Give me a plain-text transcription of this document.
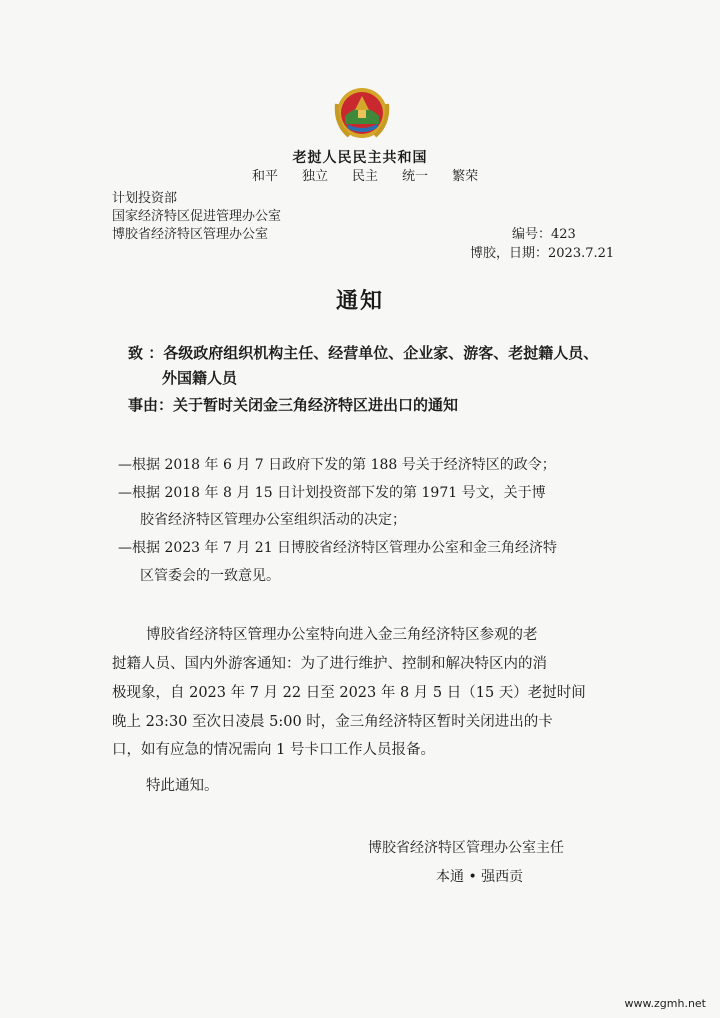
老挝人民民主共和国
和平 独立 民主 统一 繁荣
计划投资部
国家经济特区促进管理办公室
博胶省经济特区管理办公室	编号：423
博胶，日期：2023.7.21
通知
致 ：各级政府组织机构主任、经营单位、企业家、游客、老挝籍人员、
外国籍人员
事由：关于暂时关闭金三角经济特区进出口的通知
—根据 2018 年 6 月 7 日政府下发的第 188 号关于经济特区的政令；
—根据 2018 年 8 月 15 日计划投资部下发的第 1971 号文，关于博
胶省经济特区管理办公室组织活动的决定；
—根据 2023 年 7 月 21 日博胶省经济特区管理办公室和金三角经济特
区管委会的一致意见。
博胶省经济特区管理办公室特向进入金三角经济特区参观的老
挝籍人员、国内外游客通知：为了进行维护、控制和解决特区内的消
极现象，自 2023 年 7 月 22 日至 2023 年 8 月 5 日（15 天）老挝时间
晚上 23:30 至次日凌晨 5:00 时，金三角经济特区暂时关闭进出的卡
口，如有应急的情况需向 1 号卡口工作人员报备。
特此通知。
博胶省经济特区管理办公室主任
本通 • 强西贡
www.zgmh.net
